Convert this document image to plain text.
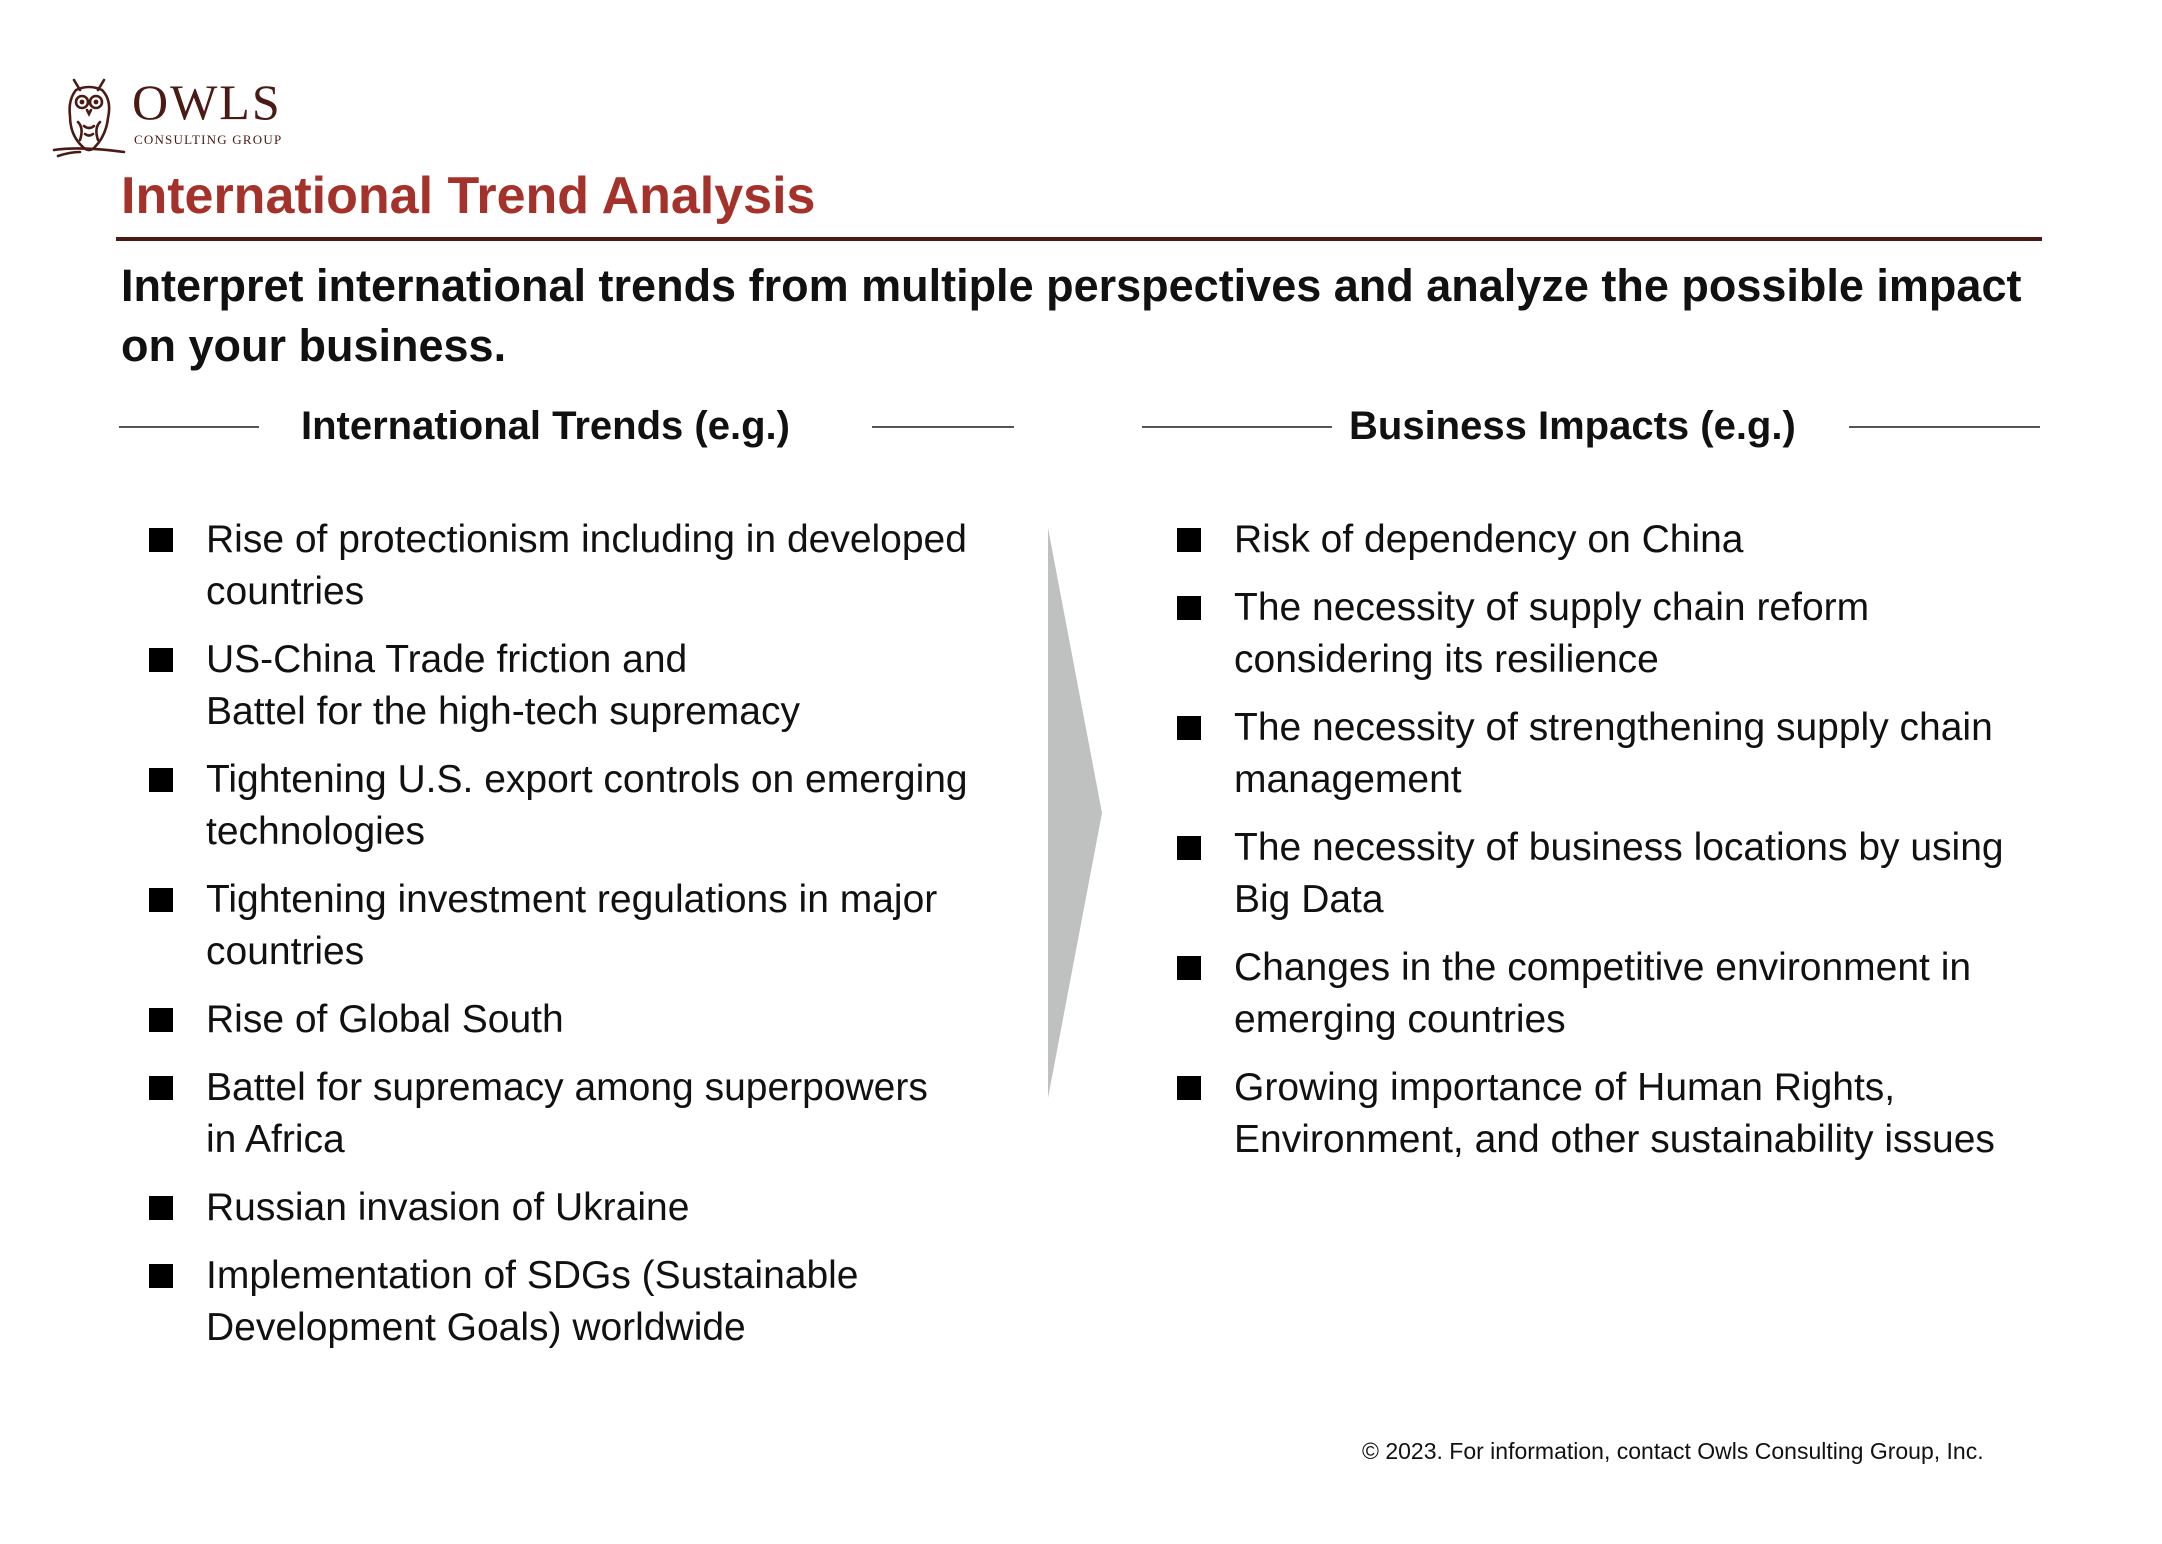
OWLS
CONSULTING GROUP
International Trend Analysis
Interpret international trends from multiple perspectives and analyze the possible impact on your business.
International Trends (e.g.)	Business Impacts (e.g.)
Rise of protectionism including in developed countries
US-China Trade friction and
Battel for the high-tech supremacy
Tightening U.S. export controls on emerging technologies
Tightening investment regulations in major countries
Rise of Global South
Battel for supremacy among superpowers in Africa
Russian invasion of Ukraine
Implementation of SDGs (Sustainable Development Goals) worldwide
Risk of dependency on China
The necessity of supply chain reform considering its resilience
The necessity of strengthening supply chain management
The necessity of business locations by using Big Data
Changes in the competitive environment in emerging countries
Growing importance of Human Rights, Environment, and other sustainability issues
© 2023. For information, contact Owls Consulting Group, Inc.
